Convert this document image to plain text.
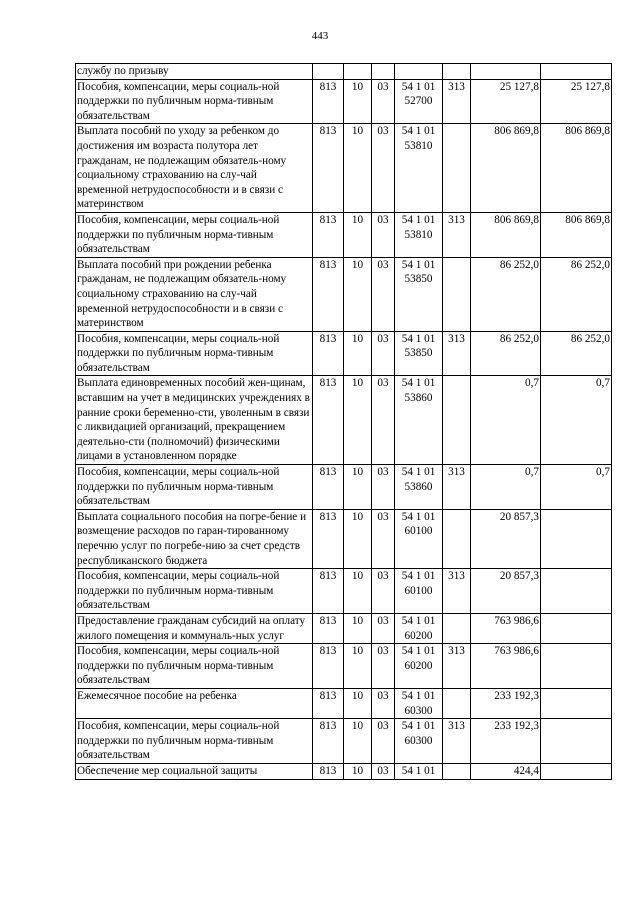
443
службу по призыву							
Пособия, компенсации, меры социаль-ной поддержки по публичным норма-тивным обязательствам	813	10	03	54 1 01 52700	313	25 127,8	25 127,8
Выплата пособий по уходу за ребенком до достижения им возраста полутора лет гражданам, не подлежащим обязатель-ному социальному страхованию на слу-чай временной нетрудоспособности и в связи с материнством	813	10	03	54 1 01 53810		806 869,8	806 869,8
Пособия, компенсации, меры социаль-ной поддержки по публичным норма-тивным обязательствам	813	10	03	54 1 01 53810	313	806 869,8	806 869,8
Выплата пособий при рождении ребенка гражданам, не подлежащим обязатель-ному социальному страхованию на слу-чай временной нетрудоспособности и в связи с материнством	813	10	03	54 1 01 53850		86 252,0	86 252,0
Пособия, компенсации, меры социаль-ной поддержки по публичным норма-тивным обязательствам	813	10	03	54 1 01 53850	313	86 252,0	86 252,0
Выплата единовременных пособий жен-щинам, вставшим на учет в медицинских учреждениях в ранние сроки беременно-сти, уволенным в связи с ликвидацией организаций, прекращением деятельно-сти (полномочий) физическими лицами в установленном порядке	813	10	03	54 1 01 53860		0,7	0,7
Пособия, компенсации, меры социаль-ной поддержки по публичным норма-тивным обязательствам	813	10	03	54 1 01 53860	313	0,7	0,7
Выплата социального пособия на погре-бение и возмещение расходов по гаран-тированному перечню услуг по погребе-нию за счет средств республиканского бюджета	813	10	03	54 1 01 60100		20 857,3	
Пособия, компенсации, меры социаль-ной поддержки по публичным норма-тивным обязательствам	813	10	03	54 1 01 60100	313	20 857,3	
Предоставление гражданам субсидий на оплату жилого помещения и коммуналь-ных услуг	813	10	03	54 1 01 60200		763 986,6	
Пособия, компенсации, меры социаль-ной поддержки по публичным норма-тивным обязательствам	813	10	03	54 1 01 60200	313	763 986,6	
Ежемесячное пособие на ребенка	813	10	03	54 1 01 60300		233 192,3	
Пособия, компенсации, меры социаль-ной поддержки по публичным норма-тивным обязательствам	813	10	03	54 1 01 60300	313	233 192,3	
Обеспечение мер социальной защиты	813	10	03	54 1 01		424,4	
